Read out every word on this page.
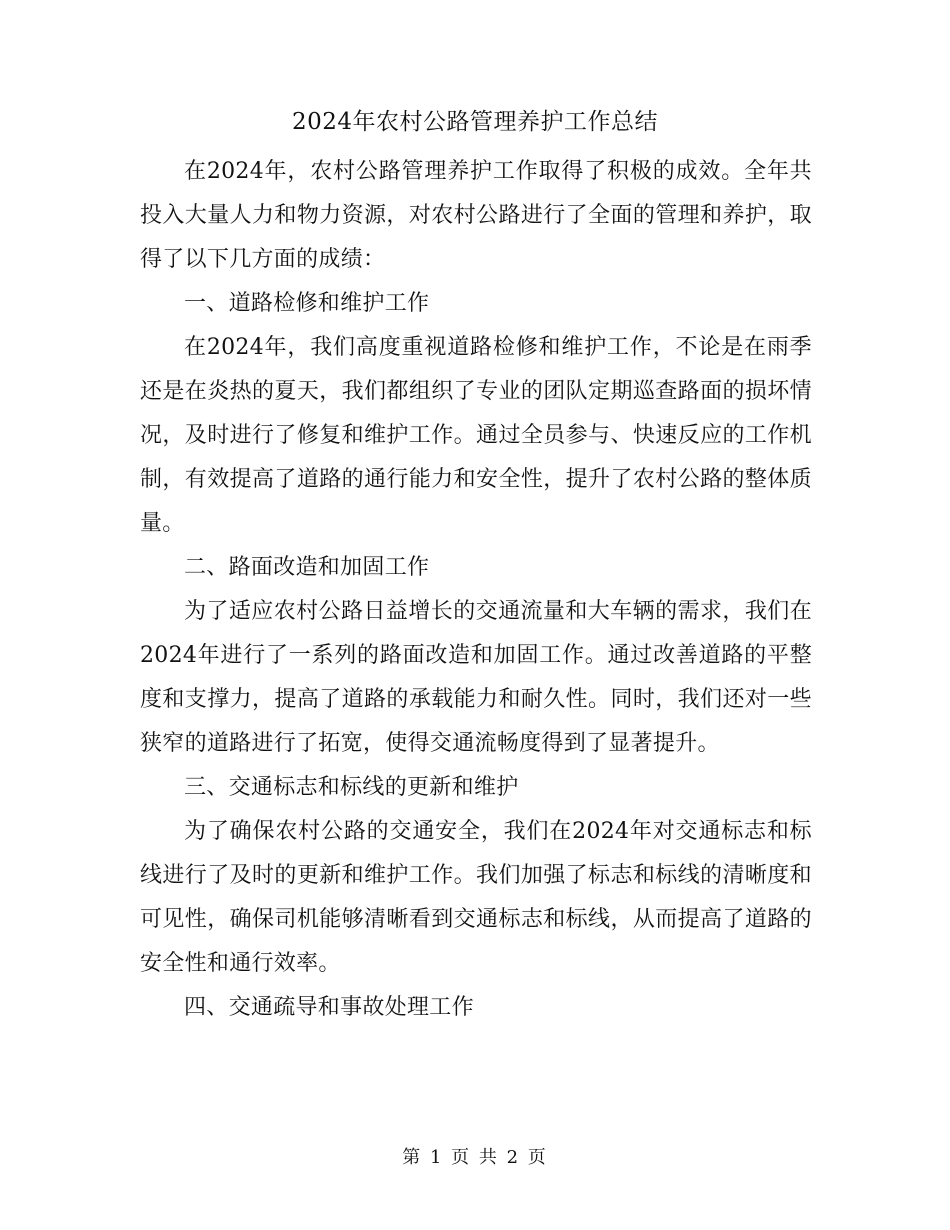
2024年农村公路管理养护工作总结

在2024年，农村公路管理养护工作取得了积极的成效。全年共投入大量人力和物力资源，对农村公路进行了全面的管理和养护，取得了以下几方面的成绩：

一、道路检修和维护工作

在2024年，我们高度重视道路检修和维护工作，不论是在雨季还是在炎热的夏天，我们都组织了专业的团队定期巡查路面的损坏情况，及时进行了修复和维护工作。通过全员参与、快速反应的工作机制，有效提高了道路的通行能力和安全性，提升了农村公路的整体质量。

二、路面改造和加固工作

为了适应农村公路日益增长的交通流量和大车辆的需求，我们在2024年进行了一系列的路面改造和加固工作。通过改善道路的平整度和支撑力，提高了道路的承载能力和耐久性。同时，我们还对一些狭窄的道路进行了拓宽，使得交通流畅度得到了显著提升。

三、交通标志和标线的更新和维护

为了确保农村公路的交通安全，我们在2024年对交通标志和标线进行了及时的更新和维护工作。我们加强了标志和标线的清晰度和可见性，确保司机能够清晰看到交通标志和标线，从而提高了道路的安全性和通行效率。

四、交通疏导和事故处理工作

第 1 页 共 2 页
